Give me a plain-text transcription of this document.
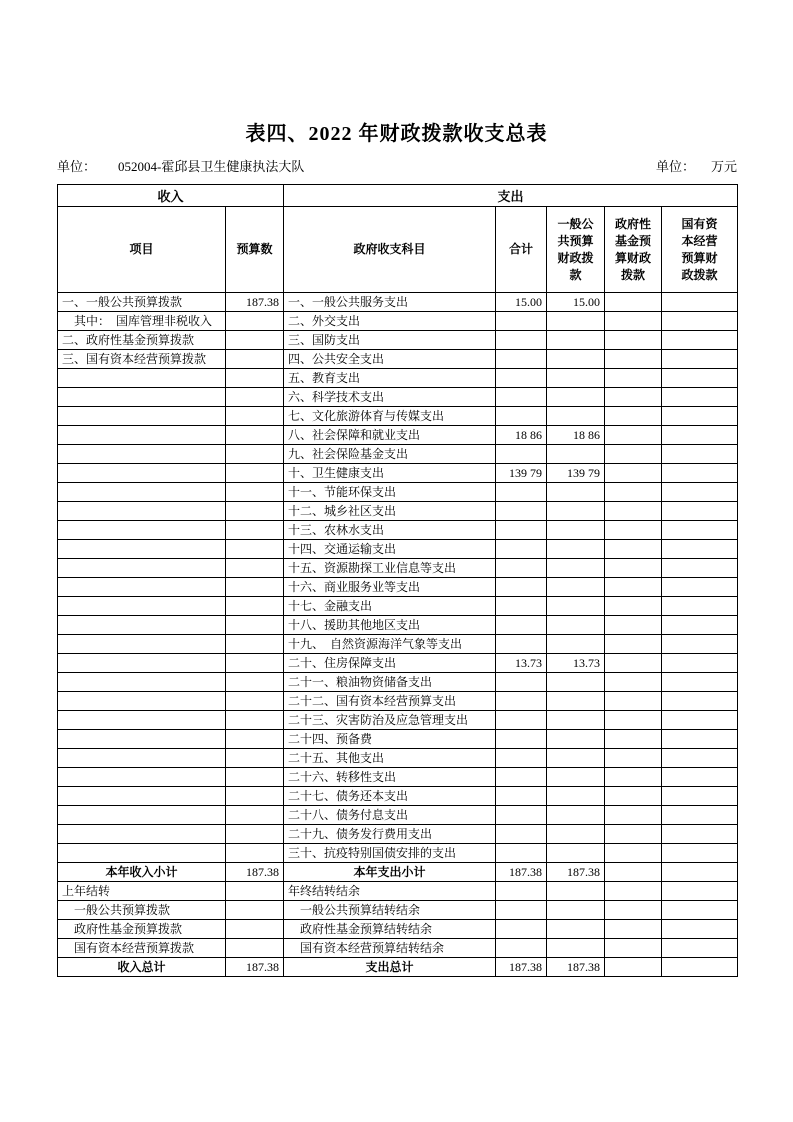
表四、2022 年财政拨款收支总表
单位： 052004-霍邱县卫生健康执法大队	单位： 万元
收入		支出				
项目	预算数	政府收支科目	合计	一般公共预算财政拨款	政府性基金预算财政拨款	国有资本经营预算财政拨款
一、一般公共预算拨款	187.38	一、一般公共服务支出	15.00	15.00		
　其中：　国库管理非税收入		二、外交支出				
二、政府性基金预算拨款		三、国防支出				
三、国有资本经营预算拨款		四、公共安全支出				
		五、教育支出				
		六、科学技术支出				
		七、文化旅游体育与传媒支出				
		八、社会保障和就业支出	18 86	18 86		
		九、社会保险基金支出				
		十、卫生健康支出	139 79	139 79		
		十一、节能环保支出				
		十二、城乡社区支出				
		十三、农林水支出				
		十四、交通运输支出				
		十五、资源勘探工业信息等支出				
		十六、商业服务业等支出				
		十七、金融支出				
		十八、援助其他地区支出				
		十九、　自然资源海洋气象等支出				
		二十、住房保障支出	13.73	13.73		
		二十一、粮油物资储备支出				
		二十二、国有资本经营预算支出				
		二十三、灾害防治及应急管理支出				
		二十四、预备费				
		二十五、其他支出				
		二十六、转移性支出				
		二十七、债务还本支出				
		二十八、债务付息支出				
		二十九、债务发行费用支出				
		三十、抗疫特别国债安排的支出				
本年收入小计	187.38	本年支出小计	187.38	187.38		
上年结转		年终结转结余				
　一般公共预算拨款		　一般公共预算结转结余				
　政府性基金预算拨款		　政府性基金预算结转结余				
　国有资本经营预算拨款		　国有资本经营预算结转结余				
收入总计	187.38	支出总计	187.38	187.38		
